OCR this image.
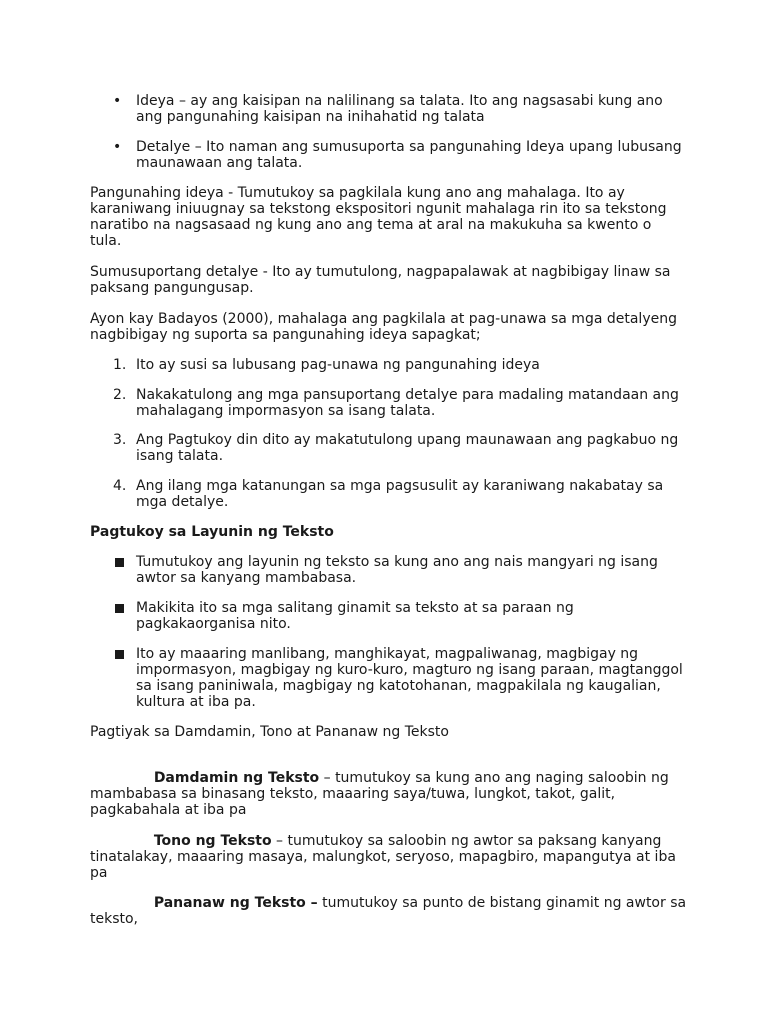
• Ideya – ay ang kaisipan na nalilinang sa talata. Ito ang nagsasabi kung ano
ang pangunahing kaisipan na inihahatid ng talata
• Detalye – Ito naman ang sumusuporta sa pangunahing Ideya upang lubusang
maunawaan ang talata.
Pangunahing ideya - Tumutukoy sa pagkilala kung ano ang mahalaga. Ito ay
karaniwang iniuugnay sa tekstong ekspositori ngunit mahalaga rin ito sa tekstong
naratibo na nagsasaad ng kung ano ang tema at aral na makukuha sa kwento o
tula.
Sumusuportang detalye - Ito ay tumutulong, nagpapalawak at nagbibigay linaw sa
paksang pangungusap.
Ayon kay Badayos (2000), mahalaga ang pagkilala at pag-unawa sa mga detalyeng
nagbibigay ng suporta sa pangunahing ideya sapagkat;
1. Ito ay susi sa lubusang pag-unawa ng pangunahing ideya
2. Nakakatulong ang mga pansuportang detalye para madaling matandaan ang
mahalagang impormasyon sa isang talata.
3. Ang Pagtukoy din dito ay makatutulong upang maunawaan ang pagkabuo ng
isang talata.
4. Ang ilang mga katanungan sa mga pagsusulit ay karaniwang nakabatay sa
mga detalye.
Pagtukoy sa Layunin ng Teksto
Tumutukoy ang layunin ng teksto sa kung ano ang nais mangyari ng isang
awtor sa kanyang mambabasa.
Makikita ito sa mga salitang ginamit sa teksto at sa paraan ng
pagkakaorganisa nito.
Ito ay maaaring manlibang, manghikayat, magpaliwanag, magbigay ng
impormasyon, magbigay ng kuro-kuro, magturo ng isang paraan, magtanggol
sa isang paniniwala, magbigay ng katotohanan, magpakilala ng kaugalian,
kultura at iba pa.
Pagtiyak sa Damdamin, Tono at Pananaw ng Teksto

Damdamin ng Teksto – tumutukoy sa kung ano ang naging saloobin ng
mambabasa sa binasang teksto, maaaring saya/tuwa, lungkot, takot, galit,
pagkabahala at iba pa

Tono ng Teksto – tumutukoy sa saloobin ng awtor sa paksang kanyang
tinatalakay, maaaring masaya, malungkot, seryoso, mapagbiro, mapangutya at iba
pa

Pananaw ng Teksto – tumutukoy sa punto de bistang ginamit ng awtor sa
teksto,
